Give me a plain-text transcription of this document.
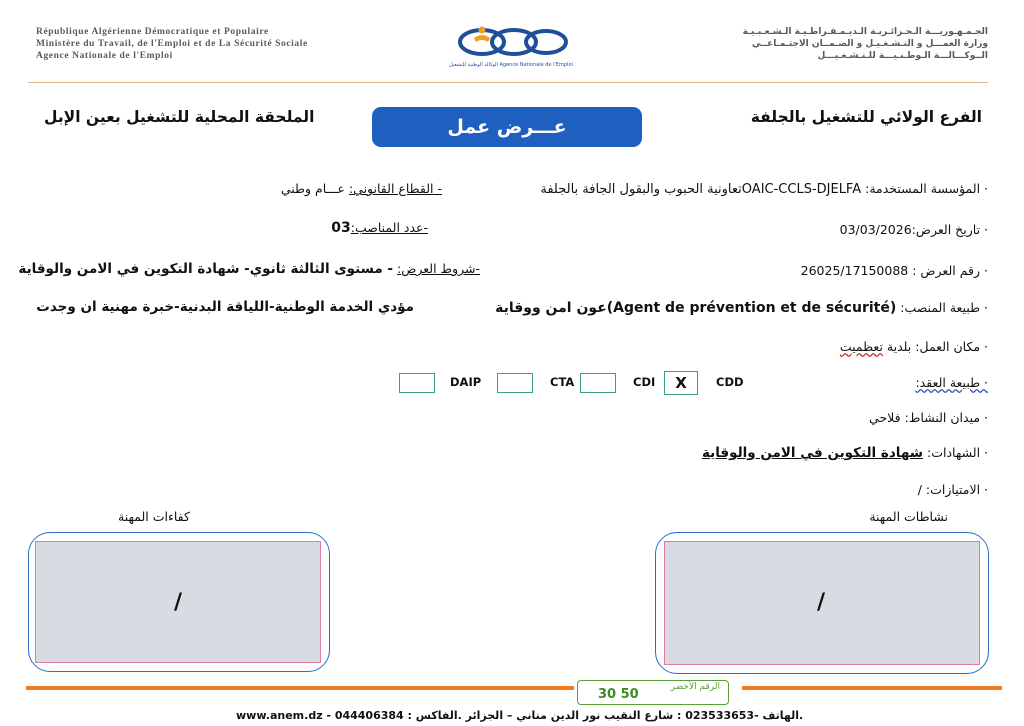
République Algérienne Démocratique et Populaire
Ministère du Travail, de l'Emploi et de La Sécurité Sociale
Agence Nationale de l'Emploi
الوكالة الوطنية للتشغيل Agence Nationale de l'Emploi
الجـمـهـوريـــة الـجـزائـريـة الـديـمـقـراطـيـة الـشـعـبـيـة
وزارة العمـــل و التـشـغـيـل و الضـمــان الاجتـمـاعــي
الــوكـــالـــة الـوطـنـيـــة للـتـشـغـيـــل
الفرع الولائي للتشغيل بالجلفة
الملحقة المحلية للتشغيل بعين الإبل	عـــرض عمل
· المؤسسة المستخدمة: OAIC-CCLS-DJELFAتعاونية الحبوب والبقول الجافة بالجلفة
- القطاع القانوني: عـــام وطني
· تاريخ العرض:03/03/2026
-عدد المناصب:03
· رقم العرض : 26025/17150088
-شروط العرض: - مستوى الثالثة ثانوي- شهادة التكوين في الامن والوقاية
· طبيعة المنصب: (Agent de prévention et de sécurité)عون امن ووقاية
مؤدي الخدمة الوطنية-اللياقة البدنية-خبرة مهنية ان وجدت
· مكان العمل: بلدية تعظميت
· طبيعة العقد:
CDD
X
CDI
CTA
DAIP
· ميدان النشاط: فلاحي
· الشهادات: شهادة التكوين في الامن والوقاية
· الامتيازات: /
نشاطات المهنة
كفاءات المهنة
/
/
الرقم الأخضر
30 50
www.anem.dz - 044406384 : الهاتف -023533653 : شارع النقيب نور الدين مناني – الجزائر .الفاكس.
